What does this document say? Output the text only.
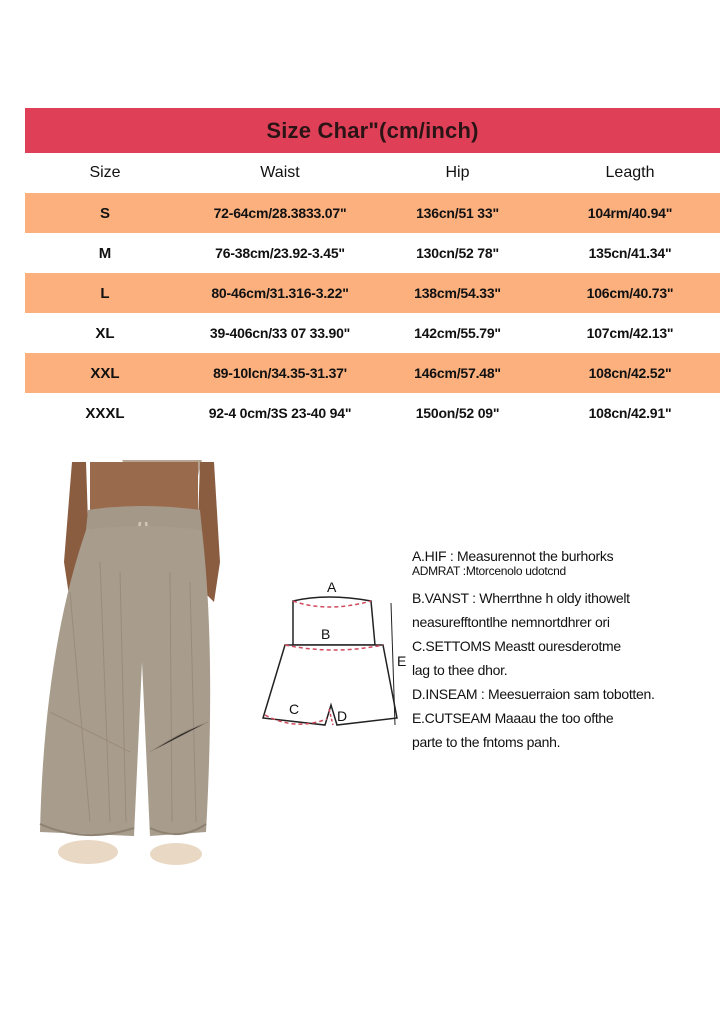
Size Char"(cm/inch)
Size	Waist	Hip	Leagth
S	72-64cm/28.3833.07"	136cn/51 33"	104rm/40.94"
M	76-38cm/23.92-3.45"	130cn/52 78"	135cn/41.34"
L	80-46cm/31.316-3.22"	138cm/54.33"	106cm/40.73"
XL	39-406cn/33 07 33.90"	142cm/55.79"	107cm/42.13"
XXL	89-10lcn/34.35-31.37'	146cm/57.48"	108cn/42.52"
XXXL	92-4 0cm/3S 23-40 94"	150on/52 09"	108cn/42.91"
A
B
C	D
E
A.HIF : Measurennot the burhorks
ADMRAT :Mtorcenolo udotcnd
B.VANST : Wherrthne h oldy ithowelt
neasurefftontlhe nemnortdhrer ori
C.SETTOMS Meastt ouresderotme
lag to thee dhor.
D.INSEAM : Meesuerraion sam tobotten.
E.CUTSEAM Maaau the too ofthe
parte to the fntoms panh.
